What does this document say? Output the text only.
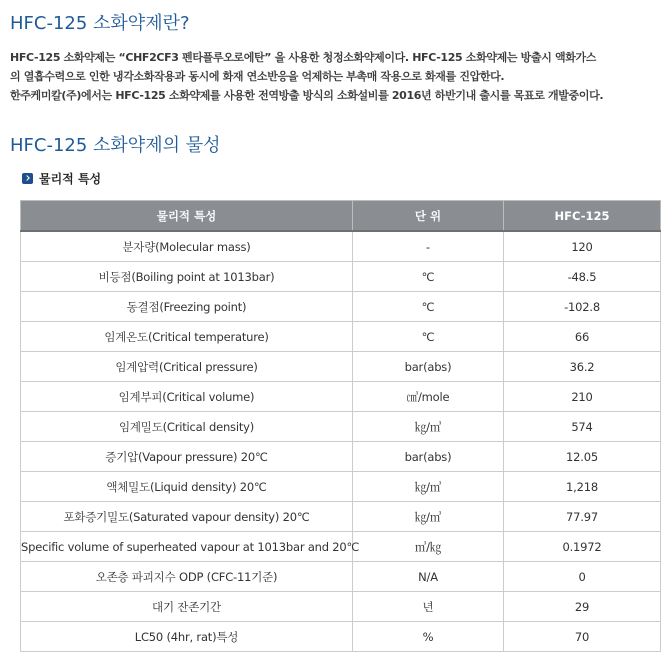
HFC-125 소화약제란?

HFC-125 소화약제는 “CHF2CF3 펜타플루오로에탄” 을 사용한 청정소화약제이다. HFC-125 소화약제는 방출시 액화가스

의 열흡수력으로 인한 냉각소화작용과 동시에 화재 연소반응을 억제하는 부촉매 작용으로 화재를 진압한다.

한주케미칼(주)에서는 HFC-125 소화약제를 사용한 전역방출 방식의 소화설비를 2016년 하반기내 출시를 목표로 개발중이다.

HFC-125 소화약제의 물성
물리적 특성
물리적 특성	단 위	HFC-125
분자량(Molecular mass)	-	120
비등점(Boiling point at 1013bar)	℃	-48.5
동결점(Freezing point)	℃	-102.8
임계온도(Critical temperature)	℃	66
임계압력(Critical pressure)	bar(abs)	36.2
임계부피(Critical volume)	㎤/mole	210
임계밀도(Critical density)	㎏/㎥	574
증기압(Vapour pressure) 20℃	bar(abs)	12.05
액체밀도(Liquid density) 20℃	㎏/㎥	1,218
포화증기밀도(Saturated vapour density) 20℃	㎏/㎥	77.97
Specific volume of superheated vapour at 1013bar and 20℃	㎥/㎏	0.1972
오존층 파괴지수 ODP (CFC-11기준)	N/A	0
대기 잔존기간	년	29
LC50 (4hr, rat)특성	%	70
